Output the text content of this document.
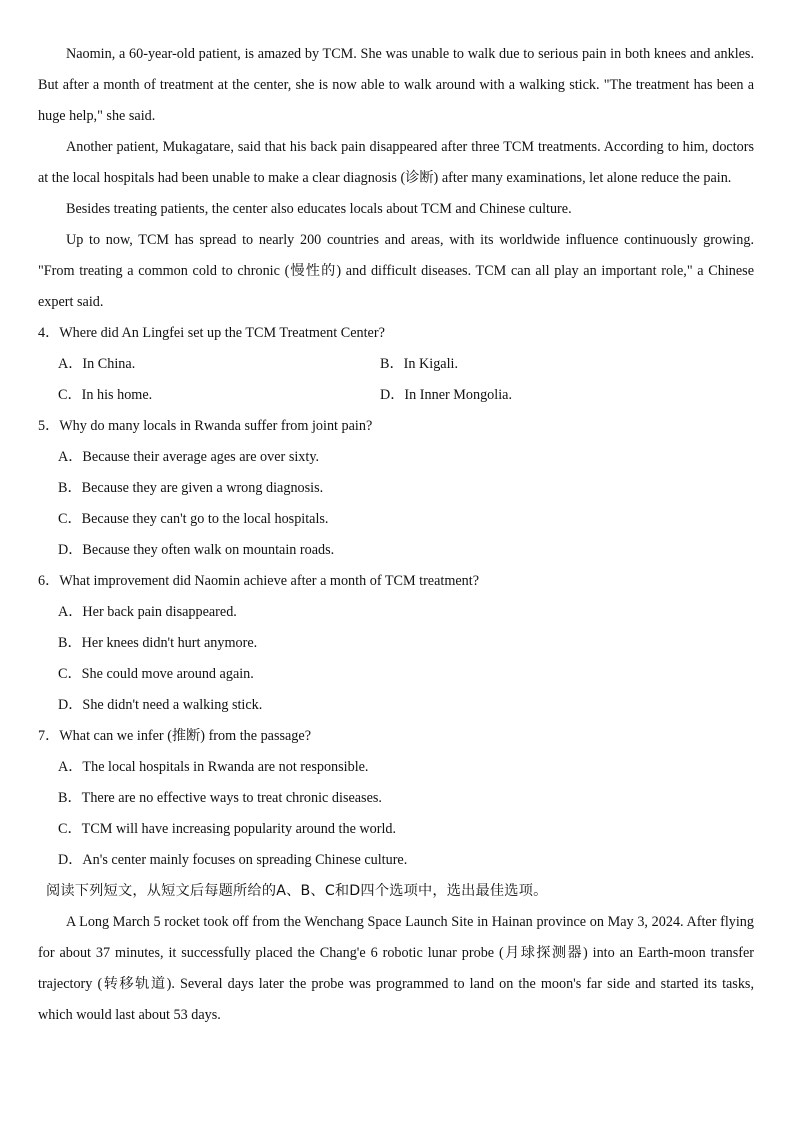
Naomin, a 60-year-old patient, is amazed by TCM. She was unable to walk due to serious pain in both knees and ankles. But after a month of treatment at the center, she is now able to walk around with a walking stick. "The treatment has been a huge help," she said.

Another patient, Mukagatare, said that his back pain disappeared after three TCM treatments. According to him, doctors at the local hospitals had been unable to make a clear diagnosis (诊断) after many examinations, let alone reduce the pain.

Besides treating patients, the center also educates locals about TCM and Chinese culture.

Up to now, TCM has spread to nearly 200 countries and areas, with its worldwide influence continuously growing. "From treating a common cold to chronic (慢性的) and difficult diseases. TCM can all play an important role," a Chinese expert said.

4．Where did An Lingfei set up the TCM Treatment Center?

A．In China.	B．In Kigali.
C．In his home.	D．In Inner Mongolia.

5．Why do many locals in Rwanda suffer from joint pain?

A．Because their average ages are over sixty.

B．Because they are given a wrong diagnosis.

C．Because they can't go to the local hospitals.

D．Because they often walk on mountain roads.

6．What improvement did Naomin achieve after a month of TCM treatment?

A．Her back pain disappeared.

B．Her knees didn't hurt anymore.

C．She could move around again.

D．She didn't need a walking stick.

7．What can we infer (推断) from the passage?

A．The local hospitals in Rwanda are not responsible.

B．There are no effective ways to treat chronic diseases.

C．TCM will have increasing popularity around the world.

D．An's center mainly focuses on spreading Chinese culture.

阅读下列短文，从短文后每题所给的A、B、C和D四个选项中，选出最佳选项。

A Long March 5 rocket took off from the Wenchang Space Launch Site in Hainan province on May 3, 2024. After flying for about 37 minutes, it successfully placed the Chang'e 6 robotic lunar probe (月球探测器) into an Earth-moon transfer trajectory (转移轨道). Several days later the probe was programmed to land on the moon's far side and started its tasks, which would last about 53 days.
